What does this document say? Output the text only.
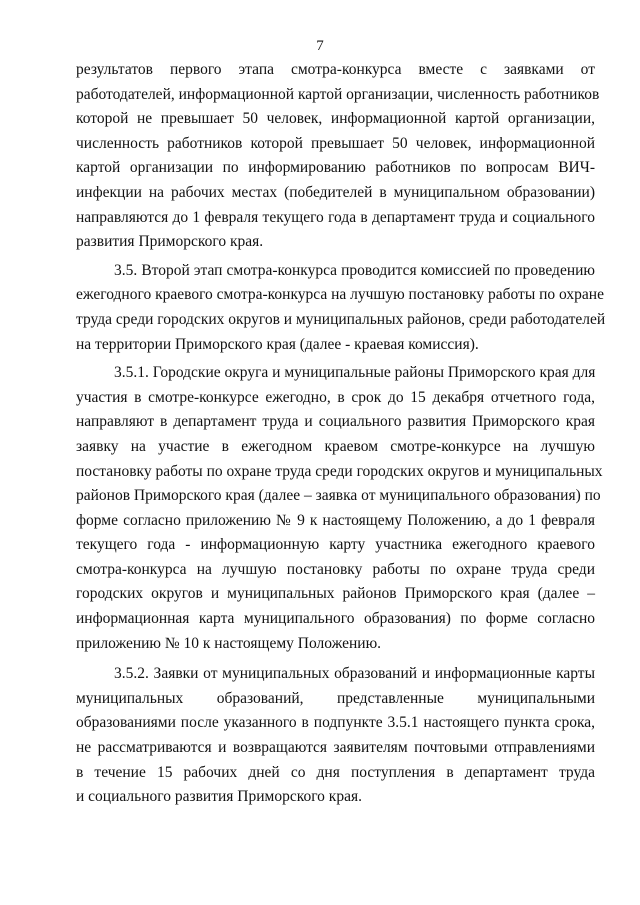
7
результатов первого этапа смотра-конкурса вместе с заявками от
работодателей, информационной картой организации, численность работников
которой не превышает 50 человек, информационной картой организации,
численность работников которой превышает 50 человек, информационной
картой организации по информированию работников по вопросам ВИЧ-
инфекции на рабочих местах (победителей в муниципальном образовании)
направляются до 1 февраля текущего года в департамент труда и социального
развития Приморского края.
3.5. Второй этап смотра-конкурса проводится комиссией по проведению
ежегодного краевого смотра-конкурса на лучшую постановку работы по охране
труда среди городских округов и муниципальных районов, среди работодателей
на территории Приморского края (далее - краевая комиссия).
3.5.1. Городские округа и муниципальные районы Приморского края для
участия в смотре-конкурсе ежегодно, в срок до 15 декабря отчетного года,
направляют в департамент труда и социального развития Приморского края
заявку на участие в ежегодном краевом смотре-конкурсе на лучшую
постановку работы по охране труда среди городских округов и муниципальных
районов Приморского края (далее – заявка от муниципального образования) по
форме согласно приложению № 9 к настоящему Положению, а до 1 февраля
текущего года - информационную карту участника ежегодного краевого
смотра-конкурса на лучшую постановку работы по охране труда среди
городских округов и муниципальных районов Приморского края (далее –
информационная карта муниципального образования) по форме согласно
приложению № 10 к настоящему Положению.
3.5.2. Заявки от муниципальных образований и информационные карты
муниципальных образований, представленные муниципальными
образованиями после указанного в подпункте 3.5.1 настоящего пункта срока,
не рассматриваются и возвращаются заявителям почтовыми отправлениями
в течение 15 рабочих дней со дня поступления в департамент труда
и социального развития Приморского края.
